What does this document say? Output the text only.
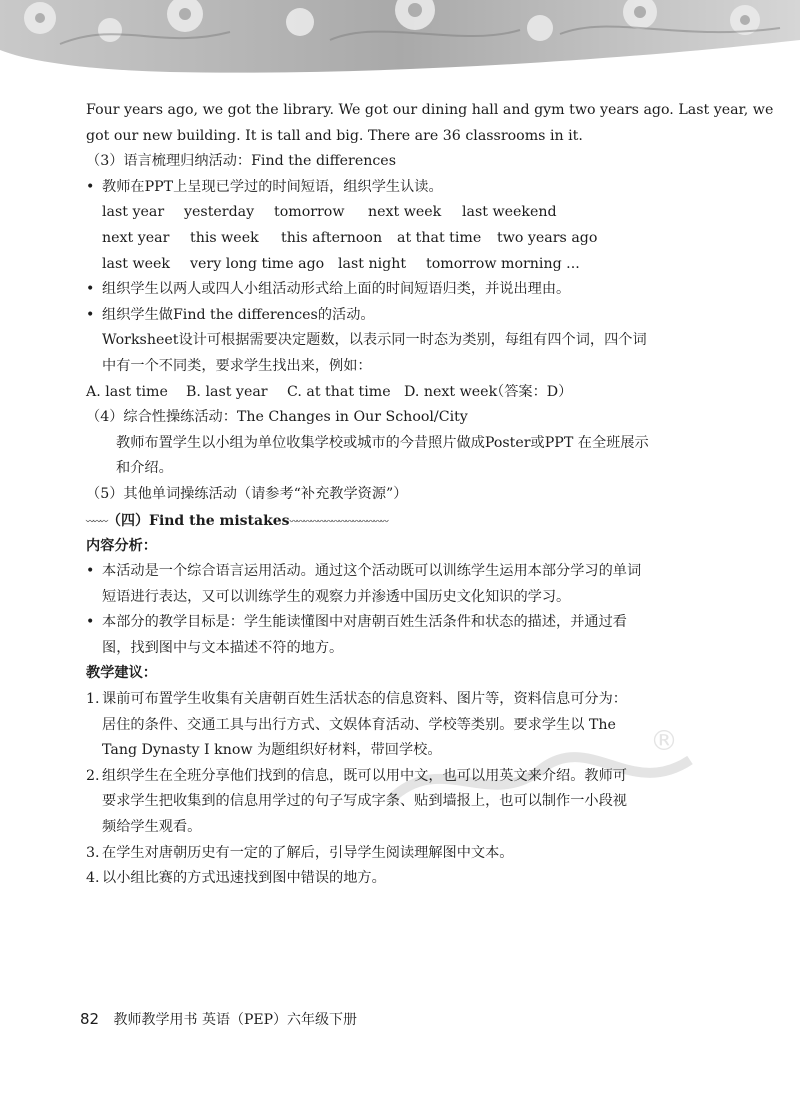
®
Four years ago, we got the library. We got our dining hall and gym two years ago. Last year, we
got our new building. It is tall and big. There are 36 classrooms in it.
（3）语言梳理归纳活动：Find the differences
• 教师在PPT上呈现已学过的时间短语，组织学生认读。
last year	yesterday	tomorrow	next week	last weekend
next year	this week	this afternoon	at that time	two years ago
last week	very long time ago last night	tomorrow morning ...
• 组织学生以两人或四人小组活动形式给上面的时间短语归类，并说出理由。
• 组织学生做Find the differences的活动。
Worksheet设计可根据需要决定题数，以表示同一时态为类别，每组有四个词，四个词
中有一个不同类，要求学生找出来，例如：
A. last time	B. last year	C. at that time D. next week
（答案：D）
（4）综合性操练活动：The Changes in Our School/City
教师布置学生以小组为单位收集学校或城市的今昔照片做成Poster或PPT 在全班展示
和介绍。
（5）其他单词操练活动（请参考“补充教学资源”）
〰〰〰 （四）Find the mistakes 〰〰〰〰〰〰〰〰〰〰〰〰〰〰
内容分析：
• 本活动是一个综合语言运用活动。通过这个活动既可以训练学生运用本部分学习的单词
短语进行表达，又可以训练学生的观察力并渗透中国历史文化知识的学习。
• 本部分的教学目标是：学生能读懂图中对唐朝百姓生活条件和状态的描述，并通过看
图，找到图中与文本描述不符的地方。
教学建议：
1. 课前可布置学生收集有关唐朝百姓生活状态的信息资料、图片等，资料信息可分为：
居住的条件、交通工具与出行方式、文娱体育活动、学校等类别。要求学生以 The
Tang Dynasty I know 为题组织好材料，带回学校。
2. 组织学生在全班分享他们找到的信息，既可以用中文，也可以用英文来介绍。教师可
要求学生把收集到的信息用学过的句子写成字条、贴到墙报上，也可以制作一小段视
频给学生观看。
3. 在学生对唐朝历史有一定的了解后，引导学生阅读理解图中文本。
4. 以小组比赛的方式迅速找到图中错误的地方。
82 教师教学用书 英语（PEP）六年级下册
